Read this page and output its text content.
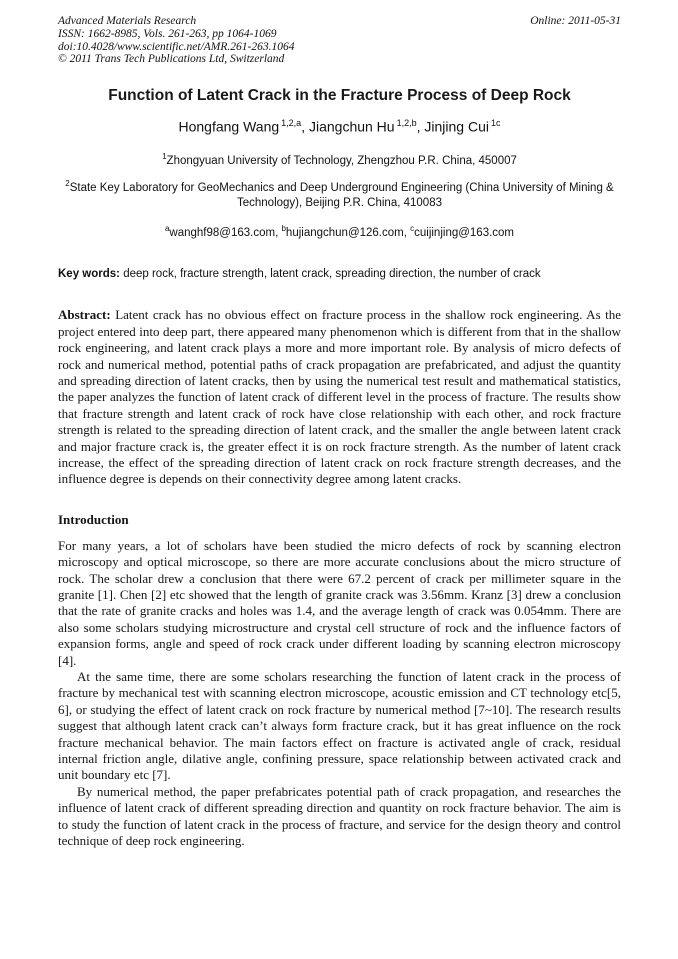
Advanced Materials Research
ISSN: 1662-8985, Vols. 261-263, pp 1064-1069
doi:10.4028/www.scientific.net/AMR.261-263.1064
© 2011 Trans Tech Publications Ltd, Switzerland
Online: 2011-05-31
Function of Latent Crack in the Fracture Process of Deep Rock
Hongfang Wang $^{1,2,a}$, Jiangchun Hu $^{1,2,b}$, Jinjing Cui $^{1c}$
$^1$Zhongyuan University of Technology, Zhengzhou P.R. China, 450007
$^2$State Key Laboratory for GeoMechanics and Deep Underground Engineering (China University of Mining & Technology), Beijing P.R. China, 410083
$^a$wanghf98@163.com, $^b$hujiangchun@126.com, $^c$cuijinjing@163.com

Key words: deep rock, fracture strength, latent crack, spreading direction, the number of crack

Abstract: Latent crack has no obvious effect on fracture process in the shallow rock engineering. As the project entered into deep part, there appeared many phenomenon which is different from that in the shallow rock engineering, and latent crack plays a more and more important role. By analysis of micro defects of rock and numerical method, potential paths of crack propagation are prefabricated, and adjust the quantity and spreading direction of latent cracks, then by using the numerical test result and mathematical statistics, the paper analyzes the function of latent crack of different level in the process of fracture. The results show that fracture strength and latent crack of rock have close relationship with each other, and rock fracture strength is related to the spreading direction of latent crack, and the smaller the angle between latent crack and major fracture crack is, the greater effect it is on rock fracture strength. As the number of latent crack increase, the effect of the spreading direction of latent crack on rock fracture strength decreases, and the influence degree is depends on their connectivity degree among latent cracks.

Introduction

For many years, a lot of scholars have been studied the micro defects of rock by scanning electron microscopy and optical microscope, so there are more accurate conclusions about the micro structure of rock. The scholar drew a conclusion that there were 67.2 percent of crack per millimeter square in the granite [1]. Chen [2] etc showed that the length of granite crack was 3.56mm. Kranz [3] drew a conclusion that the rate of granite cracks and holes was 1.4, and the average length of crack was 0.054mm. There are also some scholars studying microstructure and crystal cell structure of rock and the influence factors of expansion forms, angle and speed of rock crack under different loading by scanning electron microscopy [4].

At the same time, there are some scholars researching the function of latent crack in the process of fracture by mechanical test with scanning electron microscope, acoustic emission and CT technology etc[5, 6], or studying the effect of latent crack on rock fracture by numerical method [7~10]. The research results suggest that although latent crack can’t always form fracture crack, but it has great influence on the rock fracture mechanical behavior. The main factors effect on fracture is activated angle of crack, residual internal friction angle, dilative angle, confining pressure, space relationship between activated crack and unit boundary etc [7].

By numerical method, the paper prefabricates potential path of crack propagation, and researches the influence of latent crack of different spreading direction and quantity on rock fracture behavior. The aim is to study the function of latent crack in the process of fracture, and service for the design theory and control technique of deep rock engineering.
